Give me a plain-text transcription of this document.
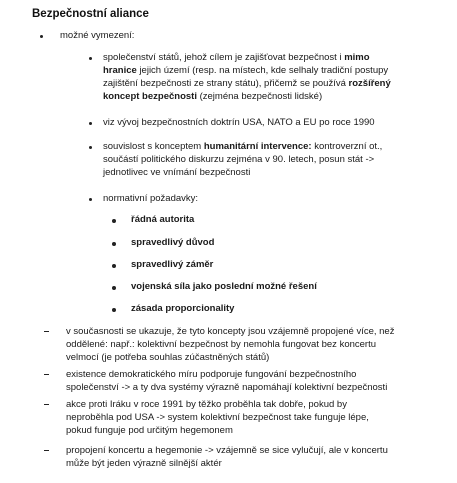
Bezpečnostní aliance
možné vymezení:
společenství států, jehož cílem je zajišťovat bezpečnost i mimo
hranice jejich území (resp. na místech, kde selhaly tradiční postupy
zajištění bezpečnosti ze strany státu), přičemž se používá rozšířený
koncept bezpečnosti (zejména bezpečnosti lidské)
viz vývoj bezpečnostních doktrín USA, NATO a EU po roce 1990
souvislost s konceptem humanitární intervence: kontroverzní ot.,
součástí politického diskurzu zejména v 90. letech, posun stát ->
jednotlivec ve vnímání bezpečnosti
normativní požadavky:
řádná autorita
spravedlivý důvod
spravedlivý záměr
vojenská síla jako poslední možné řešení
zásada proporcionality
v současnosti se ukazuje, že tyto koncepty jsou vzájemně propojené více, než
oddělené: např.: kolektivní bezpečnost by nemohla fungovat bez koncertu
velmocí (je potřeba souhlas zúčastněných států)
existence demokratického míru podporuje fungování bezpečnostního
společenství -> a ty dva systémy výrazně napomáhají kolektivní bezpečnosti
akce proti Iráku v roce 1991 by těžko proběhla tak dobře, pokud by
neproběhla pod USA -> system kolektivní bezpečnost take funguje lépe,
pokud funguje pod určitým hegemonem
propojení koncertu a hegemonie -> vzájemně se sice vylučují, ale v koncertu
může být jeden výrazně silnější aktér
